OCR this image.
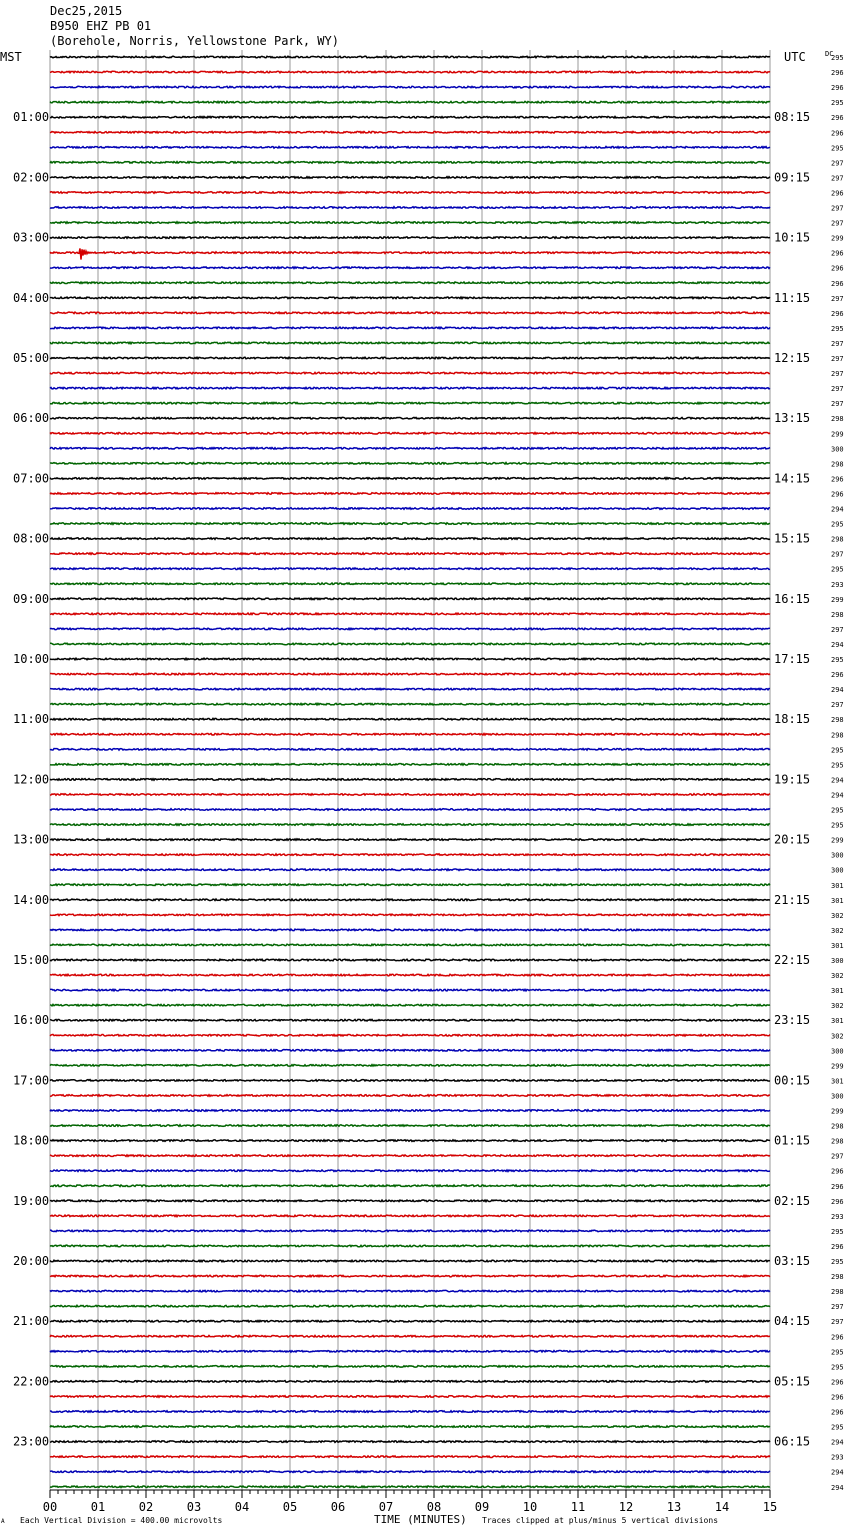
Dec25,2015
B950 EHZ PB 01
(Borehole, Norris, Yellowstone Park, WY)
MST	UTC	DC
A Each Vertical Division = 400.00 microvolts	TIME (MINUTES) Traces clipped at plus/minus 5 vertical divisions
01:00
02:00
03:00
04:00
05:00
06:00
07:00
08:00
09:00
10:00
11:00
12:00
13:00
14:00
15:00
16:00
17:00
18:00
19:00
20:00
21:00
22:00
23:00
08:15
09:15
10:15
11:15
12:15
13:15
14:15
15:15
16:15
17:15
18:15
19:15
20:15
21:15
22:15
23:15
00:15
01:15
02:15
03:15
04:15
05:15
06:15
295
296
296
295
296
296
295
297
297
296
297
297
299
296
296
296
297
296
295
297
297
297
297
297
298
299
300
298
296
296
294
295
298
297
295
293
299
298
297
294
295
296
294
297
298
298
295
295
294
294
295
295
299
300
300
301
301
302
302
301
300
302
301
302
301
302
300
299
301
300
299
298
298
297
296
296
296
293
295
296
295
298
298
297
297
296
295
295
296
296
296
295
294
293
294
294
00	01	02	03	04	05	06	07	08	09	10	11	12	13	14	15
